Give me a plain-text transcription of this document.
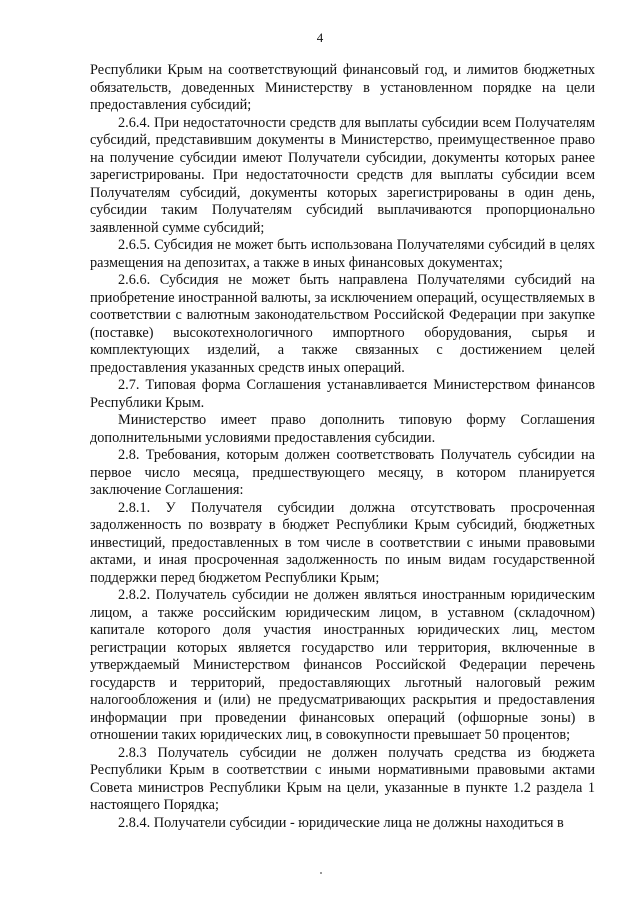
4

Республики Крым на соответствующий финансовый год, и лимитов бюджетных обязательств, доведенных Министерству в установленном порядке на цели предоставления субсидий;

2.6.4. При недостаточности средств для выплаты субсидии всем Получателям субсидий, представившим документы в Министерство, преимущественное право на получение субсидии имеют Получатели субсидии, документы которых ранее зарегистрированы. При недостаточности средств для выплаты субсидии всем Получателям субсидий, документы которых зарегистрированы в один день, субсидии таким Получателям субсидий выплачиваются пропорционально заявленной сумме субсидий;

2.6.5. Субсидия не может быть использована Получателями субсидий в целях размещения на депозитах, а также в иных финансовых документах;

2.6.6. Субсидия не может быть направлена Получателями субсидий на приобретение иностранной валюты, за исключением операций, осуществляемых в соответствии с валютным законодательством Российской Федерации при закупке (поставке) высокотехнологичного импортного оборудования, сырья и комплектующих изделий, а также связанных с достижением целей предоставления указанных средств иных операций.

2.7. Типовая форма Соглашения устанавливается Министерством финансов Республики Крым.

Министерство имеет право дополнить типовую форму Соглашения дополнительными условиями предоставления субсидии.

2.8. Требования, которым должен соответствовать Получатель субсидии на первое число месяца, предшествующего месяцу, в котором планируется заключение Соглашения:

2.8.1. У Получателя субсидии должна отсутствовать просроченная задолженность по возврату в бюджет Республики Крым субсидий, бюджетных инвестиций, предоставленных в том числе в соответствии с иными правовыми актами, и иная просроченная задолженность по иным видам государственной поддержки перед бюджетом Республики Крым;

2.8.2. Получатель субсидии не должен являться иностранным юридическим лицом, а также российским юридическим лицом, в уставном (складочном) капитале которого доля участия иностранных юридических лиц, местом регистрации которых является государство или территория, включенные в утверждаемый Министерством финансов Российской Федерации перечень государств и территорий, предоставляющих льготный налоговый режим налогообложения и (или) не предусматривающих раскрытия и предоставления информации при проведении финансовых операций (офшорные зоны) в отношении таких юридических лиц, в совокупности превышает 50 процентов;

2.8.3 Получатель субсидии не должен получать средства из бюджета Республики Крым в соответствии с иными нормативными правовыми актами Совета министров Республики Крым на цели, указанные в пункте 1.2 раздела 1 настоящего Порядка;

2.8.4. Получатели субсидии - юридические лица не должны находиться в
